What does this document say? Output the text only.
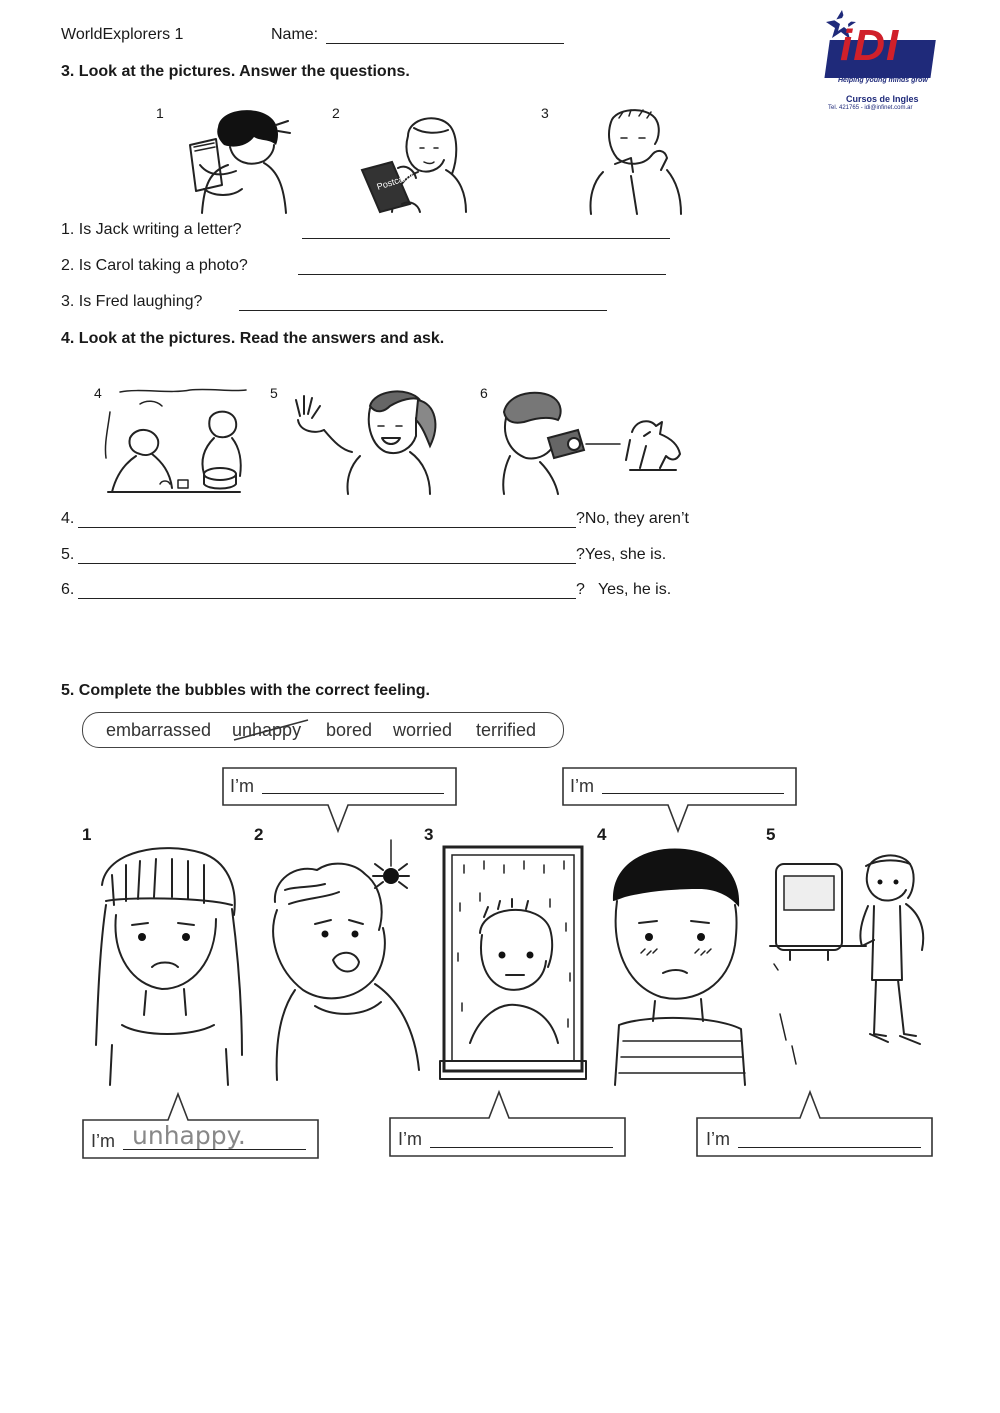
WorldExplorers 1	Name:	iDI
Helping young minds grow
Cursos de Ingles
Tel. 421765 - idi@infinet.com.ar
3. Look at the pictures. Answer the questions.
1	2	3
Postcards
1. Is Jack writing a letter?
2. Is Carol taking a photo?
3. Is Fred laughing?
4. Look at the pictures. Read the answers and ask.
4	5	6
4.	?No, they aren’t
5.	?Yes, she is.
6.	?   Yes, he is.
5. Complete the bubbles with the correct feeling.
embarrassed unhappy bored worried terrified
I’m	I’m
1	2	3	4	5
I’m unhappy.	I’m	I’m
